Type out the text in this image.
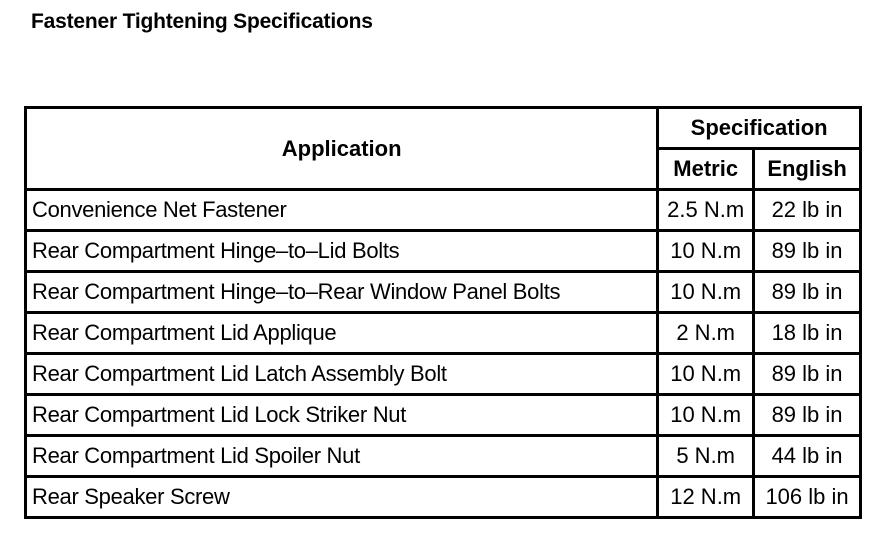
Fastener Tightening Specifications
Application	Specification	
	Metric	English
Convenience Net Fastener	2.5 N.m	22 lb in
Rear Compartment Hinge–to–Lid Bolts	10 N.m	89 lb in
Rear Compartment Hinge–to–Rear Window Panel Bolts	10 N.m	89 lb in
Rear Compartment Lid Applique	2 N.m	18 lb in
Rear Compartment Lid Latch Assembly Bolt	10 N.m	89 lb in
Rear Compartment Lid Lock Striker Nut	10 N.m	89 lb in
Rear Compartment Lid Spoiler Nut	5 N.m	44 lb in
Rear Speaker Screw	12 N.m	106 lb in
